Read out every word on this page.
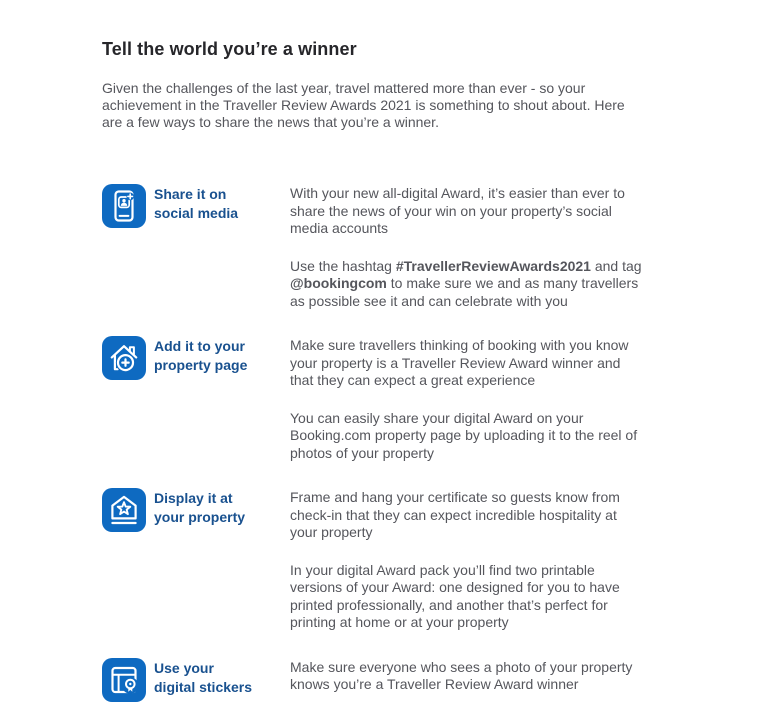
Tell the world you’re a winner

Given the challenges of the last year, travel mattered more than ever - so your achievement in the Traveller Review Awards 2021 is something to shout about. Here are a few ways to share the news that you’re a winner.

Share it on
social media

With your new all-digital Award, it’s easier than ever to share the news of your win on your property’s social media accounts

Use the hashtag #TravellerReviewAwards2021 and tag @bookingcom to make sure we and as many travellers as possible see it and can celebrate with you

Add it to your
property page

Make sure travellers thinking of booking with you know your property is a Traveller Review Award winner and that they can expect a great experience

You can easily share your digital Award on your Booking.com property page by uploading it to the reel of photos of your property

Display it at
your property

Frame and hang your certificate so guests know from check-in that they can expect incredible hospitality at your property

In your digital Award pack you’ll find two printable versions of your Award: one designed for you to have printed professionally, and another that’s perfect for printing at home or at your property

Use your
digital stickers

Make sure everyone who sees a photo of your property knows you’re a Traveller Review Award winner
